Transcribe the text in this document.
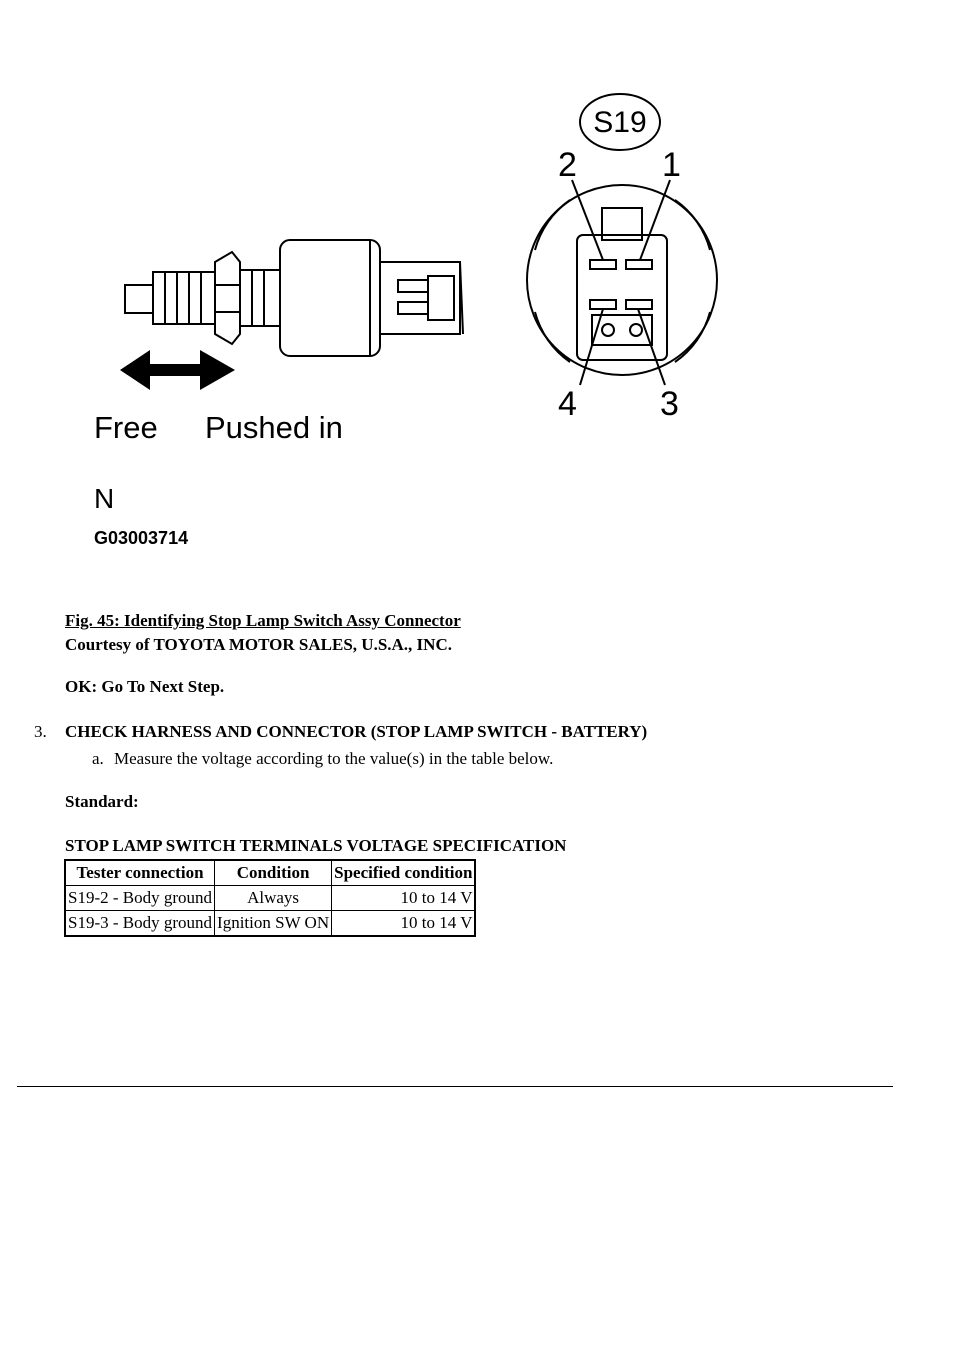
S19
2	1
4 3
Free Pushed in
N
G03003714
Fig. 45: Identifying Stop Lamp Switch Assy Connector
Courtesy of TOYOTA MOTOR SALES, U.S.A., INC.
OK: Go To Next Step.
3. CHECK HARNESS AND CONNECTOR (STOP LAMP SWITCH - BATTERY)
a. Measure the voltage according to the value(s) in the table below.
Standard:
STOP LAMP SWITCH TERMINALS VOLTAGE SPECIFICATION
Tester connection	Condition	Specified condition
S19-2 - Body ground	Always	10 to 14 V
S19-3 - Body ground	Ignition SW ON	10 to 14 V
